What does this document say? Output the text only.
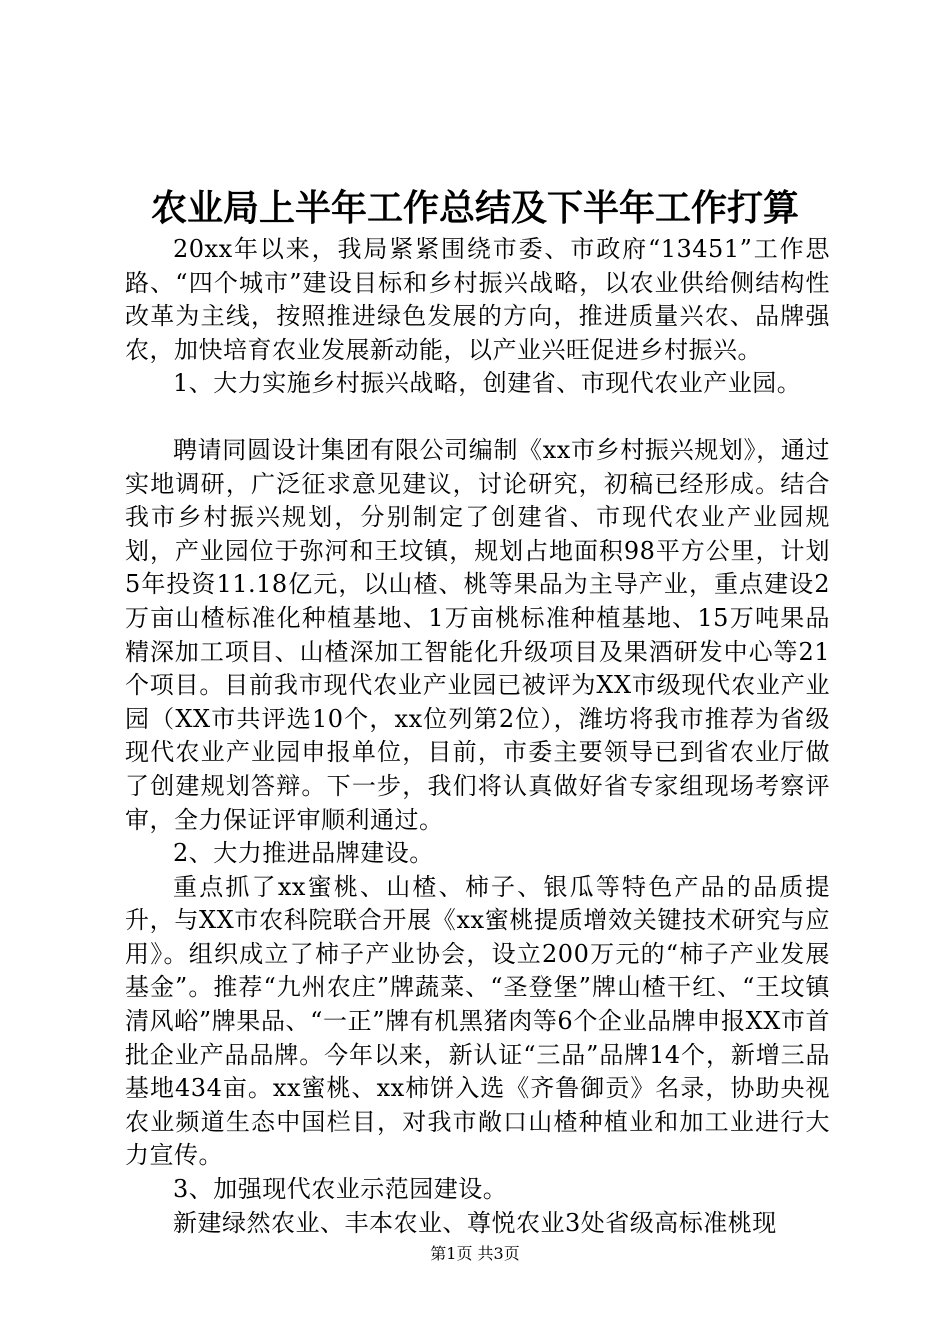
农业局上半年工作总结及下半年工作打算

20xx年以来，我局紧紧围绕市委、市政府“13451”工作思路、“四个城市”建设目标和乡村振兴战略，以农业供给侧结构性改革为主线，按照推进绿色发展的方向，推进质量兴农、品牌强农，加快培育农业发展新动能，以产业兴旺促进乡村振兴。

1、大力实施乡村振兴战略，创建省、市现代农业产业园。

聘请同圆设计集团有限公司编制《xx市乡村振兴规划》，通过实地调研，广泛征求意见建议，讨论研究，初稿已经形成。结合我市乡村振兴规划，分别制定了创建省、市现代农业产业园规划，产业园位于弥河和王坟镇，规划占地面积98平方公里，计划5年投资11.18亿元，以山楂、桃等果品为主导产业，重点建设2万亩山楂标准化种植基地、1万亩桃标准种植基地、15万吨果品精深加工项目、山楂深加工智能化升级项目及果酒研发中心等21个项目。目前我市现代农业产业园已被评为XX市级现代农业产业园（XX市共评选10个，xx位列第2位），潍坊将我市推荐为省级现代农业产业园申报单位，目前，市委主要领导已到省农业厅做了创建规划答辩。下一步，我们将认真做好省专家组现场考察评审，全力保证评审顺利通过。

2、大力推进品牌建设。

重点抓了xx蜜桃、山楂、柿子、银瓜等特色产品的品质提升，与XX市农科院联合开展《xx蜜桃提质增效关键技术研究与应用》。组织成立了柿子产业协会，设立200万元的“柿子产业发展基金”。推荐“九州农庄”牌蔬菜、“圣登堡”牌山楂干红、“王坟镇清风峪”牌果品、“一正”牌有机黑猪肉等6个企业品牌申报XX市首批企业产品品牌。今年以来，新认证“三品”品牌14个，新增三品基地434亩。xx蜜桃、xx柿饼入选《齐鲁御贡》名录，协助央视农业频道生态中国栏目，对我市敞口山楂种植业和加工业进行大力宣传。

3、加强现代农业示范园建设。

新建绿然农业、丰本农业、尊悦农业3处省级高标准桃现

第1页 共3页
